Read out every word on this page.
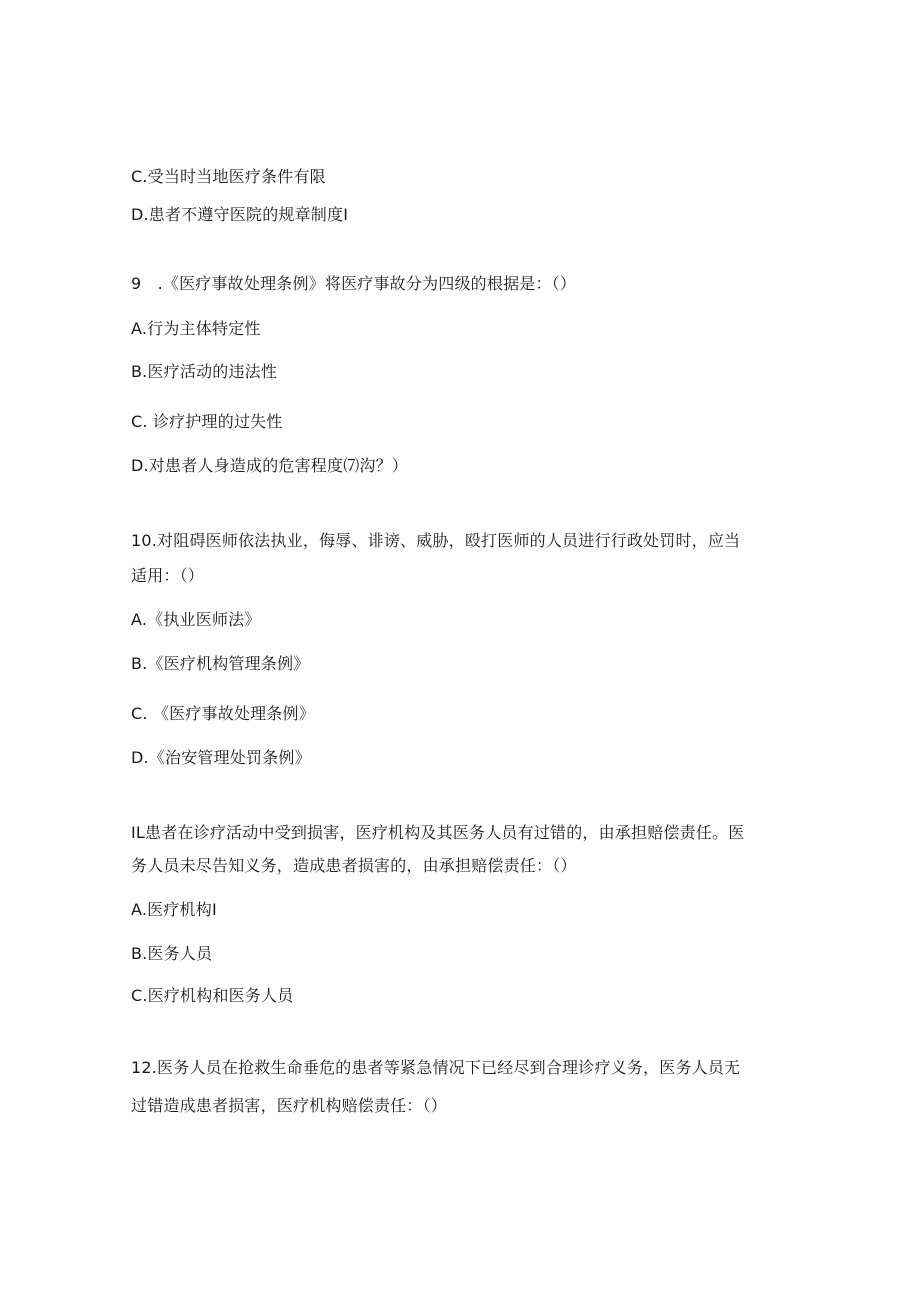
C.受当时当地医疗条件有限
D.患者不遵守医院的规章制度I
9　.《医疗事故处理条例》将医疗事故分为四级的根据是：（）
A.行为主体特定性
B.医疗活动的违法性
C. 诊疗护理的过失性
D.对患者人身造成的危害程度⑺沟？）
10.对阻碍医师依法执业，侮辱、诽谤、威胁，殴打医师的人员进行行政处罚时，应当
适用：（）
A.《执业医师法》
B.《医疗机构管理条例》
C. 《医疗事故处理条例》
D.《治安管理处罚条例》
IL患者在诊疗活动中受到损害，医疗机构及其医务人员有过错的，由承担赔偿责任。医
务人员未尽告知义务，造成患者损害的，由承担赔偿责任：（）
A.医疗机构I
B.医务人员
C.医疗机构和医务人员
12.医务人员在抢救生命垂危的患者等紧急情况下已经尽到合理诊疗义务，医务人员无
过错造成患者损害，医疗机构赔偿责任：（）
